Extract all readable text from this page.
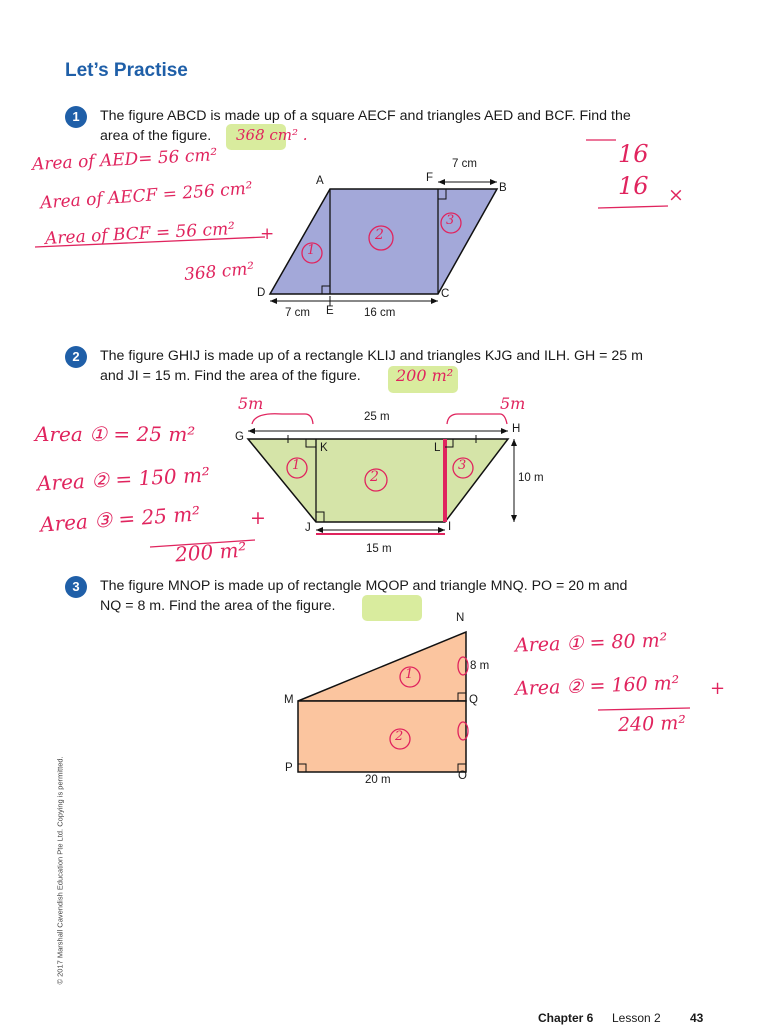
Let’s Practise
1	The figure ABCD is made up of a square AECF and triangles AED and BCF. Find the
area of the figure. 368 cm² .
A	F
B
C
D
E
7 cm
7 cm	16 cm
1
2
3
Area of AED= 56 cm²
Area of AECF = 256 cm²
Area of BCF = 56 cm² +
368 cm²
16
16 ×
2	The figure GHIJ is made up of a rectangle KLIJ and triangles KJG and ILH. GH = 25 m
and JI = 15 m. Find the area of the figure. 200 m²
G
H
K	L
J	I
25 m
10 m
15 m
1
2
3
5m	5m
Area ① = 25 m²
Area ② = 150 m²
Area ③ = 25 m²	+
200 m²
3	The figure MNOP is made up of rectangle MQOP and triangle MNQ. PO = 20 m and
NQ = 8 m. Find the area of the figure.
N
M	Q
P
O
8 m
20 m
1
2
Area ① = 80 m²
Area ② = 160 m² +
240 m²
© 2017 Marshall Cavendish Education Pte Ltd. Copying is permitted.
Chapter 6 Lesson 2 43
